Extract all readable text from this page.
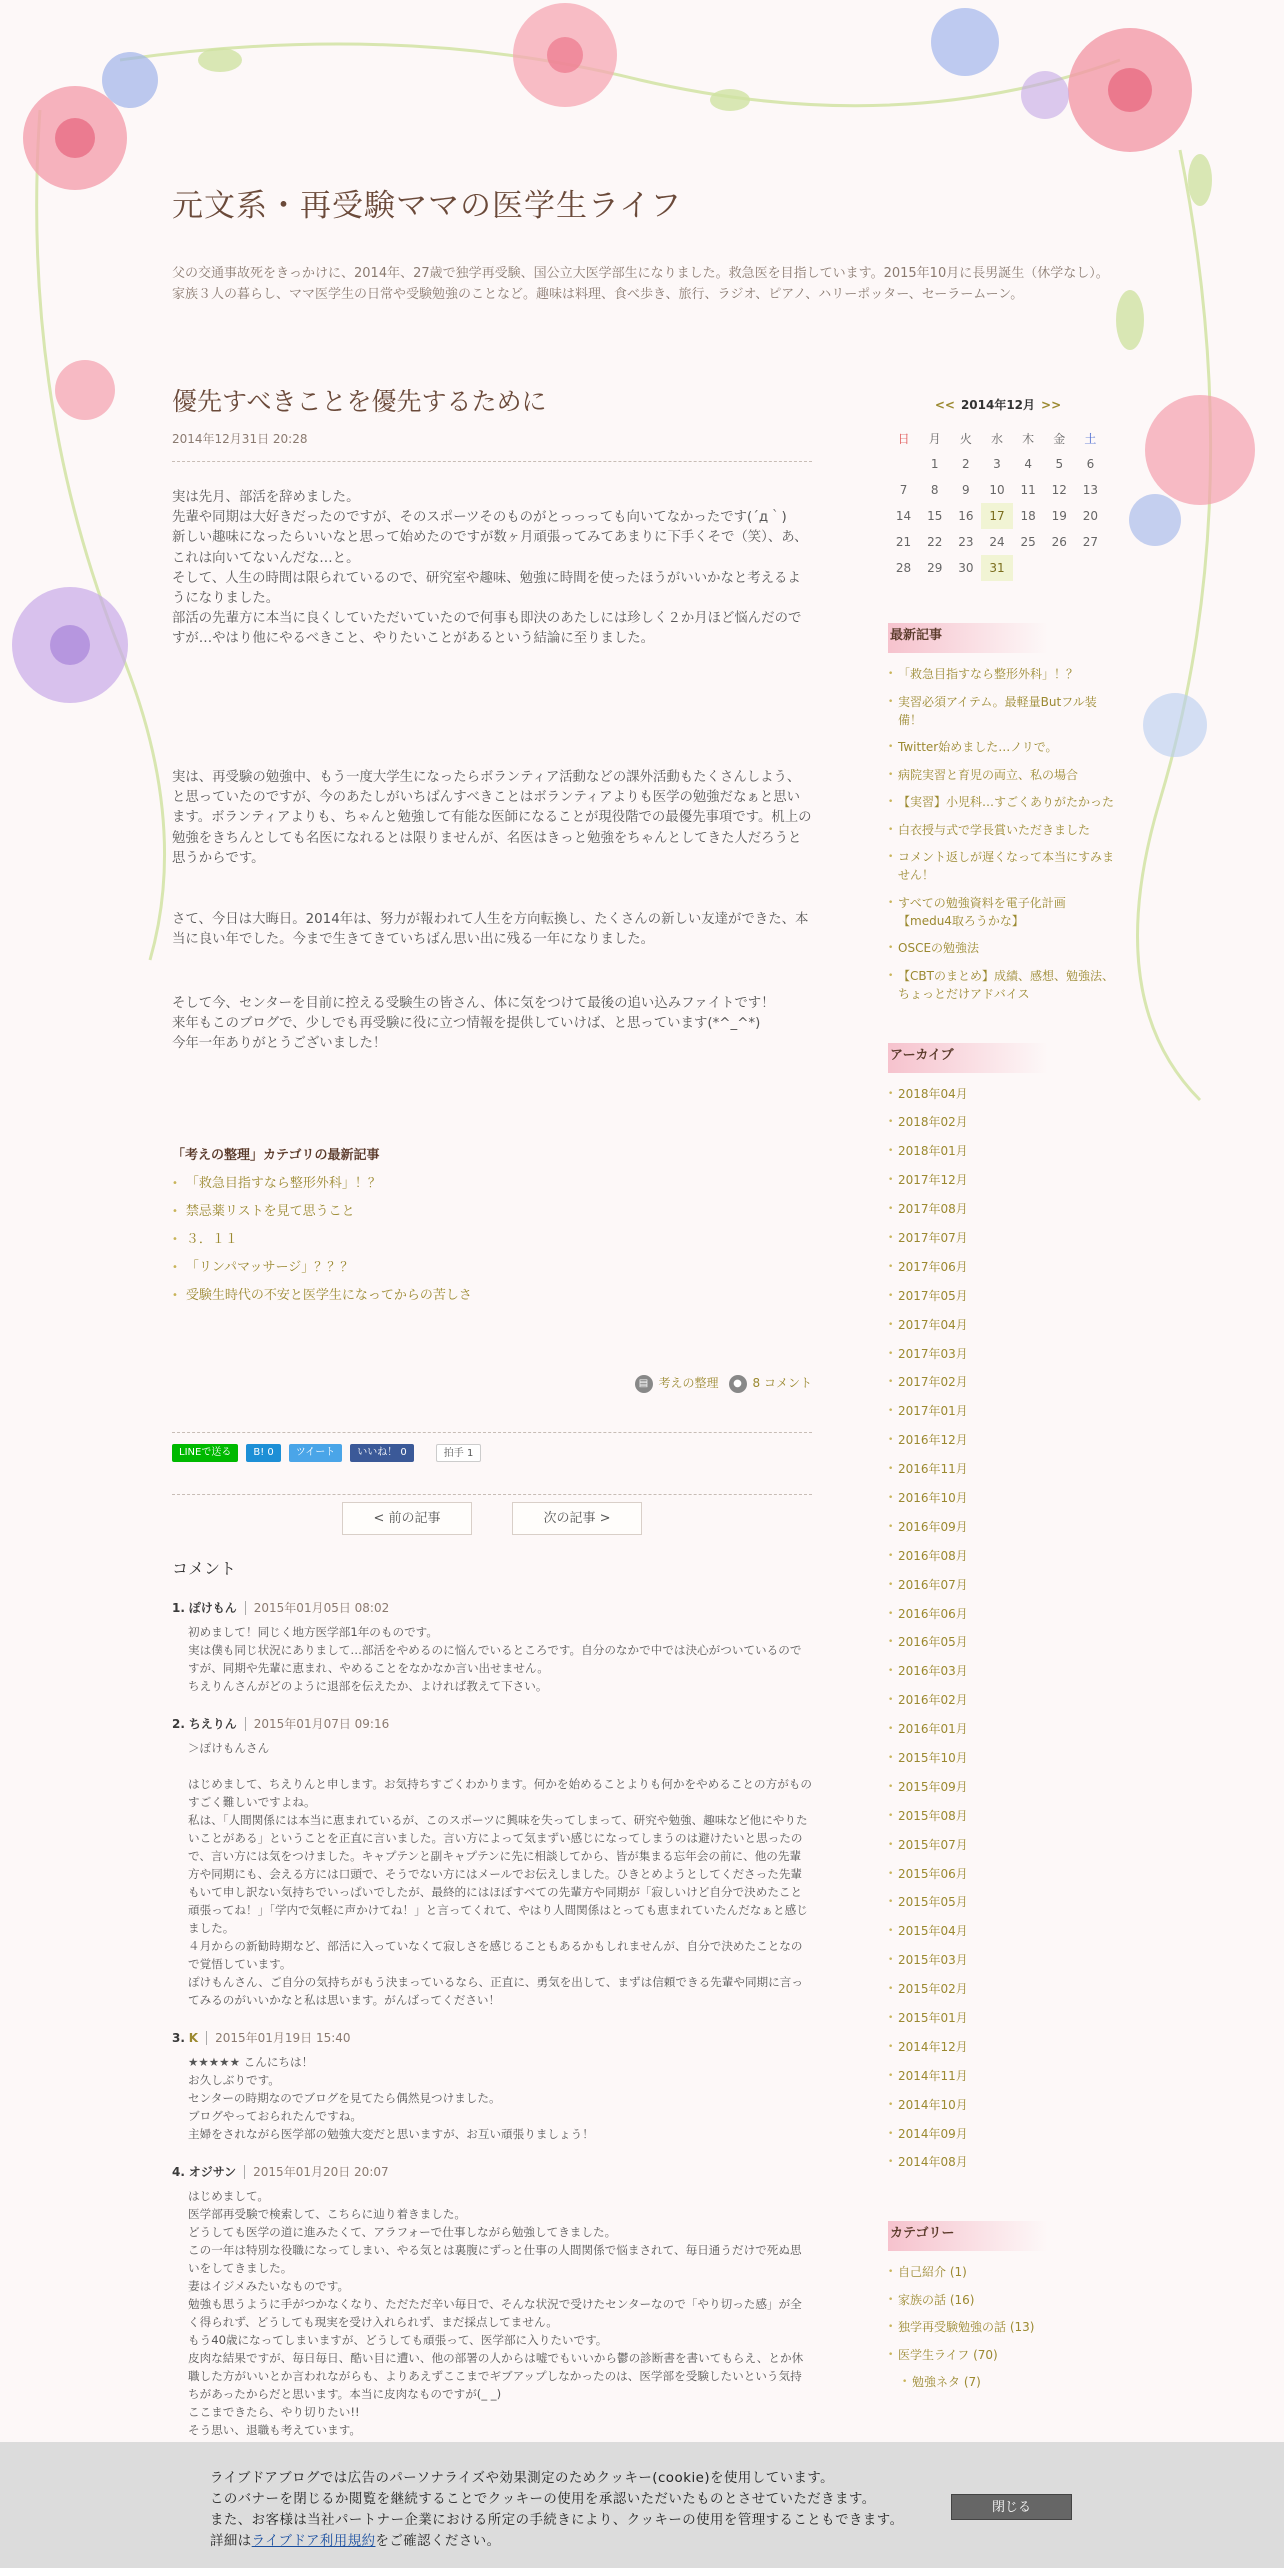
元文系・再受験ママの医学生ライフ

父の交通事故死をきっかけに、2014年、27歳で独学再受験、国公立大医学部生になりました。救急医を目指しています。2015年10月に長男誕生（休学なし）。家族３人の暮らし、ママ医学生の日常や受験勉強のことなど。趣味は料理、食べ歩き、旅行、ラジオ、ピアノ、ハリーポッター、セーラームーン。

優先すべきことを優先するために
2014年12月31日 20:28

実は先月、部活を辞めました。
先輩や同期は大好きだったのですが、そのスポーツそのものがとっっっても向いてなかったです(´д｀)
新しい趣味になったらいいなと思って始めたのですが数ヶ月頑張ってみてあまりに下手くそで（笑）、あ、これは向いてないんだな…と。
そして、人生の時間は限られているので、研究室や趣味、勉強に時間を使ったほうがいいかなと考えるようになりました。
部活の先輩方に本当に良くしていただいていたので何事も即決のあたしには珍しく２か月ほど悩んだのですが…やはり他にやるべきこと、やりたいことがあるという結論に至りました。

実は、再受験の勉強中、もう一度大学生になったらボランティア活動などの課外活動もたくさんしよう、と思っていたのですが、今のあたしがいちばんすべきことはボランティアよりも医学の勉強だなぁと思います。ボランティアよりも、ちゃんと勉強して有能な医師になることが現役階での最優先事項です。机上の勉強をきちんとしても名医になれるとは限りませんが、名医はきっと勉強をちゃんとしてきた人だろうと思うからです。

さて、今日は大晦日。2014年は、努力が報われて人生を方向転換し、たくさんの新しい友達ができた、本当に良い年でした。今まで生きてきていちばん思い出に残る一年になりました。

そして今、センターを目前に控える受験生の皆さん、体に気をつけて最後の追い込みファイトです！
来年もこのブログで、少しでも再受験に役に立つ情報を提供していけば、と思っています(*^_^*)
今年一年ありがとうございました！

「考えの整理」カテゴリの最新記事
• 「救急目指すなら整形外科」！？
• 禁忌薬リストを見て思うこと
• ３．１１
• 「リンパマッサージ」？？？
• 受験生時代の不安と医学生になってからの苦しさ
▤ 考えの整理	● 8 コメント
LINEで送る	B! 0	ツイート	いいね！ 0	拍手 1
< 前の記事	次の記事 >
コメント
1. ぽけもん 2015年01月05日 08:02
初めまして！同じく地方医学部1年のものです。
実は僕も同じ状況にありまして…部活をやめるのに悩んでいるところです。自分のなかで中では決心がついているのですが、同期や先輩に恵まれ、やめることをなかなか言い出せません。
ちえりんさんがどのように退部を伝えたか、よければ教えて下さい。
2. ちえりん 2015年01月07日 09:16
＞ぽけもんさん

はじめまして、ちえりんと申します。お気持ちすごくわかります。何かを始めることよりも何かをやめることの方がものすごく難しいですよね。
私は、「人間関係には本当に恵まれているが、このスポーツに興味を失ってしまって、研究や勉強、趣味など他にやりたいことがある」ということを正直に言いました。言い方によって気まずい感じになってしまうのは避けたいと思ったので、言い方には気をつけました。キャプテンと副キャプテンに先に相談してから、皆が集まる忘年会の前に、他の先輩方や同期にも、会える方には口頭で、そうでない方にはメールでお伝えしました。ひきとめようとしてくださった先輩もいて申し訳ない気持ちでいっぱいでしたが、最終的にはほぼすべての先輩方や同期が「寂しいけど自分で決めたこと頑張ってね！」「学内で気軽に声かけてね！」と言ってくれて、やはり人間関係はとっても恵まれていたんだなぁと感じました。
４月からの新勧時期など、部活に入っていなくて寂しさを感じることもあるかもしれませんが、自分で決めたことなので覚悟しています。
ぽけもんさん、ご自分の気持ちがもう決まっているなら、正直に、勇気を出して、まずは信頼できる先輩や同期に言ってみるのがいいかなと私は思います。がんばってください！
3. K 2015年01月19日 15:40
★★★★★ こんにちは！
お久しぶりです。
センターの時期なのでブログを見てたら偶然見つけました。
ブログやっておられたんですね。
主婦をされながら医学部の勉強大変だと思いますが、お互い頑張りましょう！
4. オジサン 2015年01月20日 20:07
はじめまして。
医学部再受験で検索して、こちらに辿り着きました。
どうしても医学の道に進みたくて、アラフォーで仕事しながら勉強してきました。
この一年は特別な役職になってしまい、やる気とは裏腹にずっと仕事の人間関係で悩まされて、毎日通うだけで死ぬ思いをしてきました。
妻はイジメみたいなものです。
勉強も思うように手がつかなくなり、ただただ辛い毎日で、そんな状況で受けたセンターなので「やり切った感」が全く得られず、どうしても現実を受け入れられず、まだ採点してません。
もう40歳になってしまいますが、どうしても頑張って、医学部に入りたいです。
皮肉な結果ですが、毎日毎日、酷い目に遭い、他の部署の人からは嘘でもいいから鬱の診断書を書いてもらえ、とか休職した方がいいとか言われながらも、よりあえずここまでギブアップしなかったのは、医学部を受験したいという気持ちがあったからだと思います。本当に皮肉なものですが(_ _)
ここまできたら、やり切りたい!!
そう思い、退職も考えています。
<< 2014年12月 >>
日	月	火	水	木	金	土
	1	2	3	4	5	6
7	8	9	10	11	12	13
14	15	16	17	18	19	20
21	22	23	24	25	26	27
28	29	30	31			
最新記事
• 「救急目指すなら整形外科」！？
• 実習必須アイテム。最軽量Butフル装備！
• Twitter始めました…ノリで。
• 病院実習と育児の両立、私の場合
• 【実習】小児科…すごくありがたかった
• 白衣授与式で学長賞いただきました
• コメント返しが遅くなって本当にすみません！
• すべての勉強資料を電子化計画【medu4取ろうかな】
• OSCEの勉強法
• 【CBTのまとめ】成績、感想、勉強法、ちょっとだけアドバイス
アーカイブ
• 2018年04月
• 2018年02月
• 2018年01月
• 2017年12月
• 2017年08月
• 2017年07月
• 2017年06月
• 2017年05月
• 2017年04月
• 2017年03月
• 2017年02月
• 2017年01月
• 2016年12月
• 2016年11月
• 2016年10月
• 2016年09月
• 2016年08月
• 2016年07月
• 2016年06月
• 2016年05月
• 2016年03月
• 2016年02月
• 2016年01月
• 2015年10月
• 2015年09月
• 2015年08月
• 2015年07月
• 2015年06月
• 2015年05月
• 2015年04月
• 2015年03月
• 2015年02月
• 2015年01月
• 2014年12月
• 2014年11月
• 2014年10月
• 2014年09月
• 2014年08月
カテゴリー
• 自己紹介 (1)
• 家族の話 (16)
• 独学再受験勉強の話 (13)
• 医学生ライフ (70)
• 勉強ネタ (7)
ライブドアブログでは広告のパーソナライズや効果測定のためクッキー(cookie)を使用しています。
このバナーを閉じるか閲覧を継続することでクッキーの使用を承認いただいたものとさせていただきます。
また、お客様は当社パートナー企業における所定の手続きにより、クッキーの使用を管理することもできます。
詳細はライブドア利用規約をご確認ください。
閉じる
